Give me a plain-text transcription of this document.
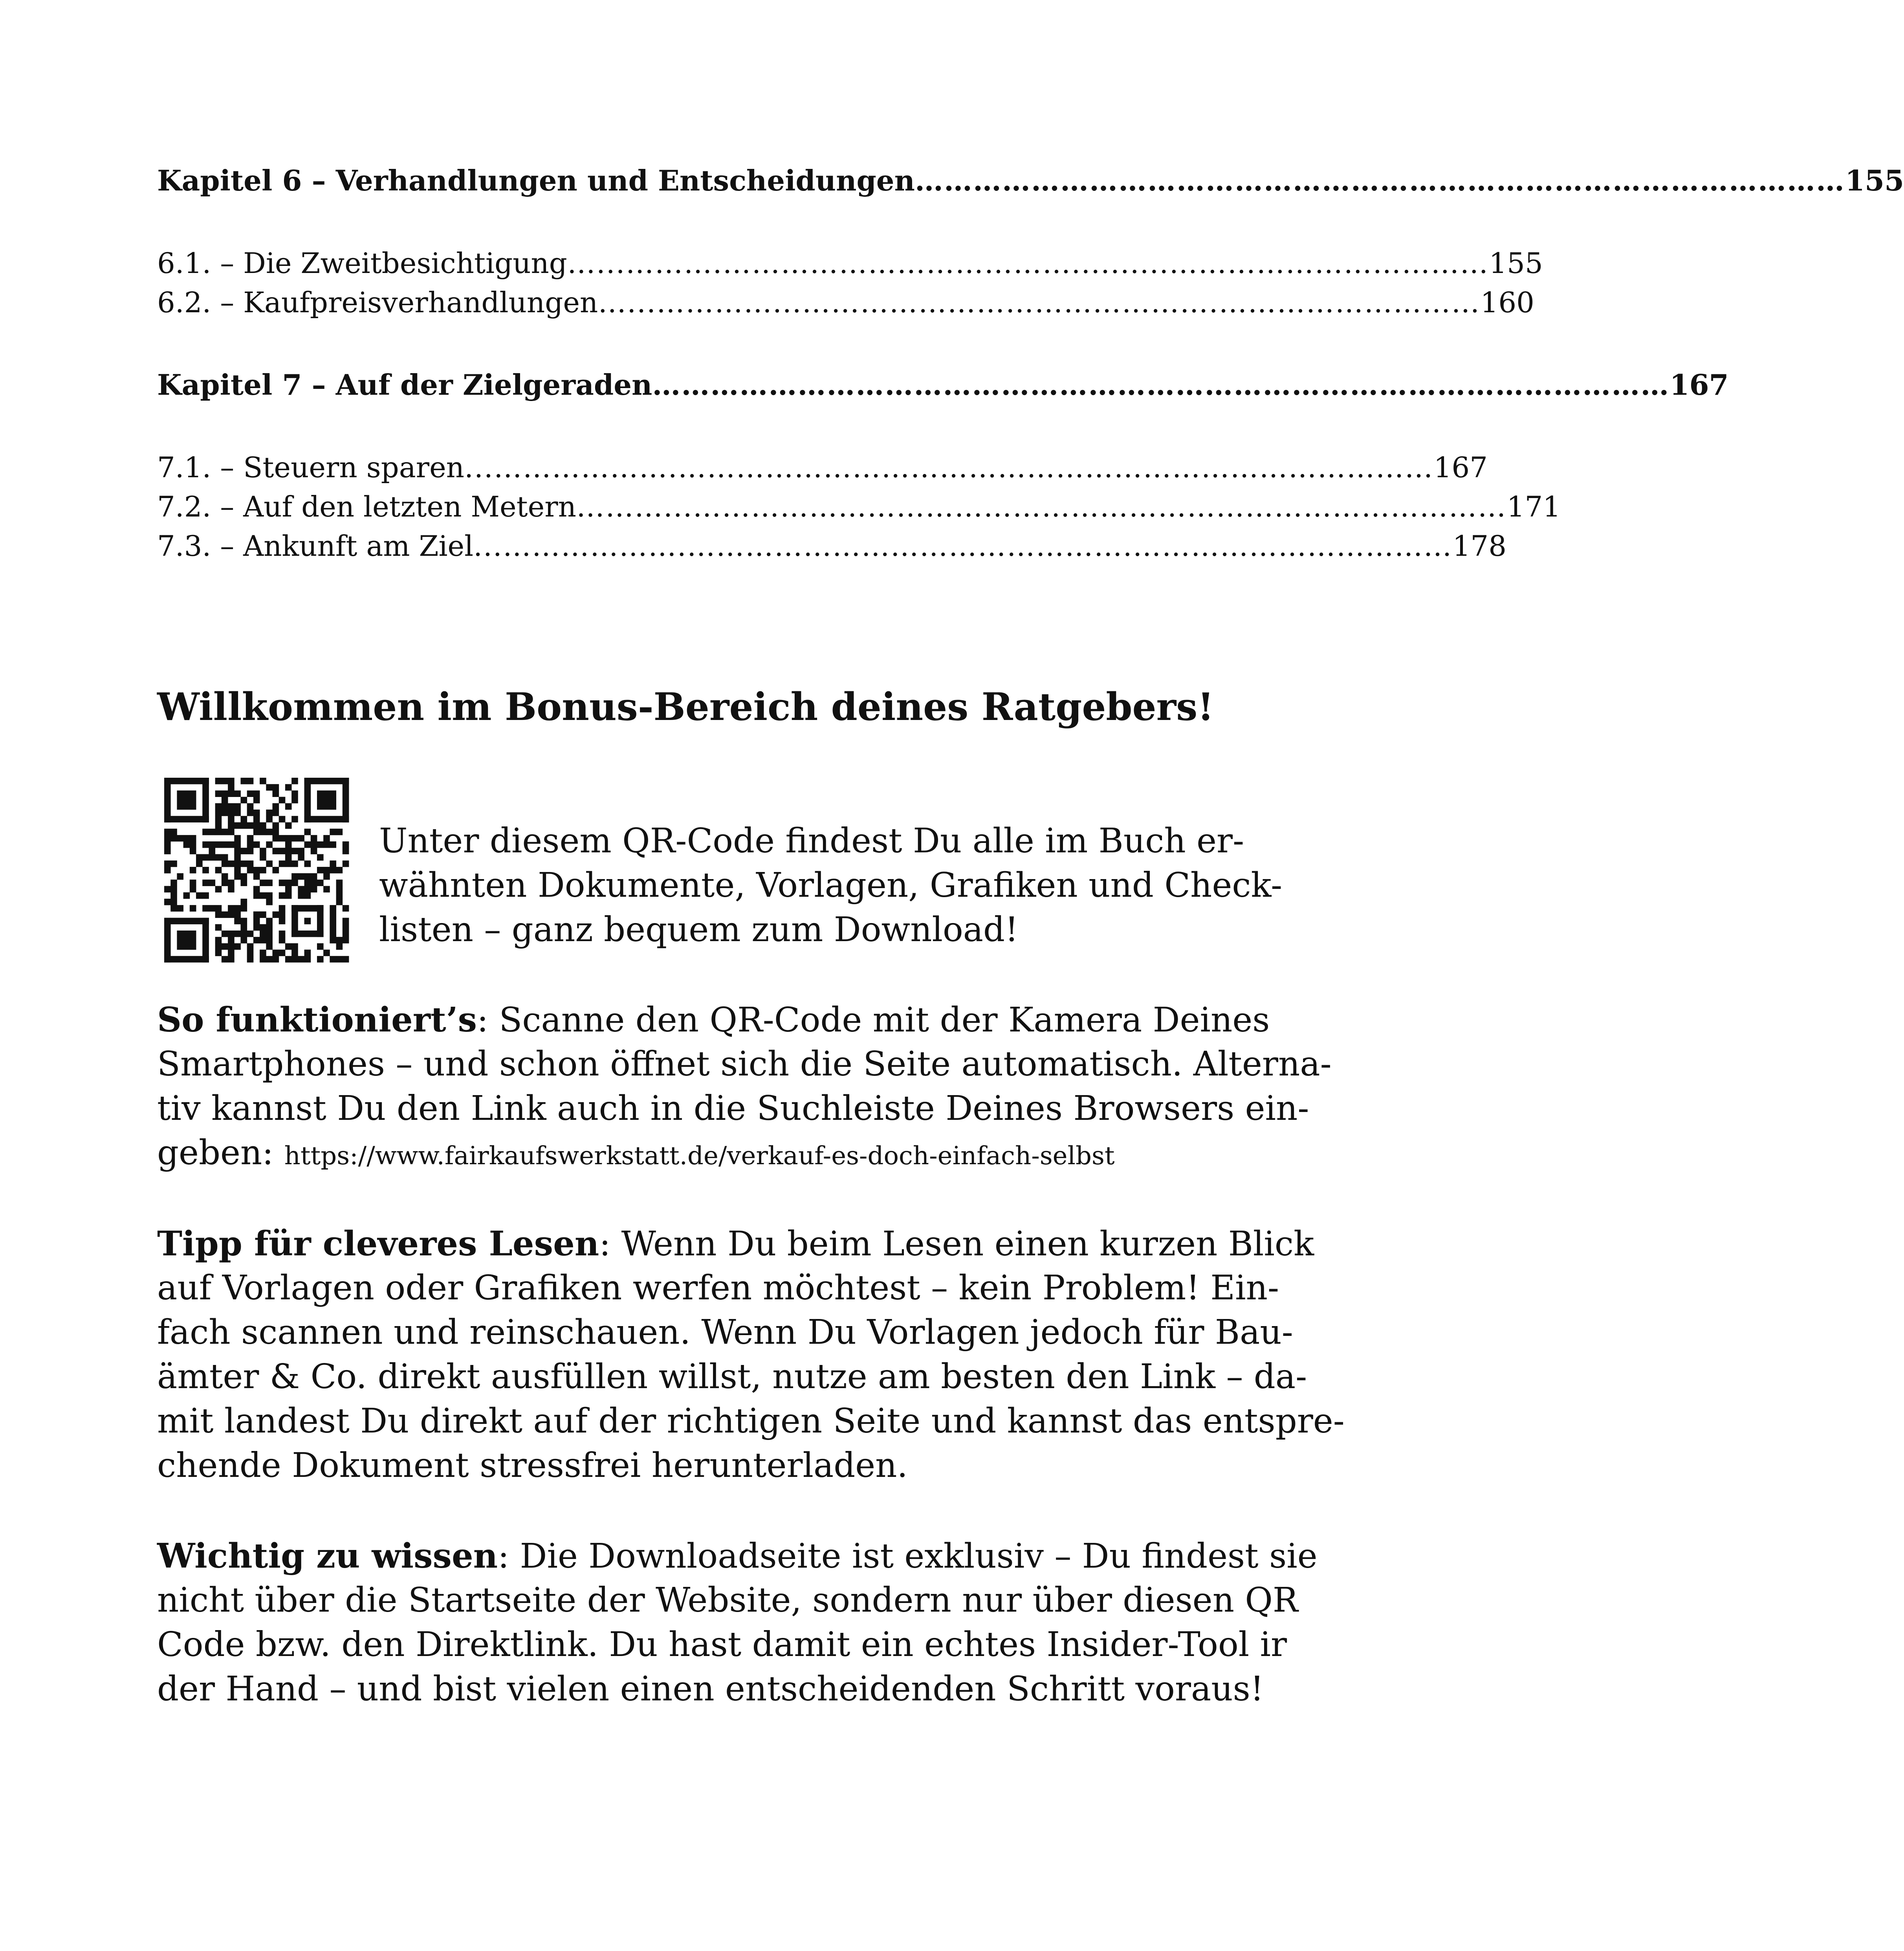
Kapitel 6 – Verhandlungen und Entscheidungen …………………………………………………………………………………… 155
6.1. – Die Zweitbesichtigung …...……….………………………………..........…………………………… 155
6.2. – Kaufpreisverhandlungen …...…………...…………………………………….……………………… 160
Kapitel 7 – Auf der Zielgeraden …………………………………………………………………………………………… 167
7.1. – Steuern sparen ...……………….…………………………………………………………………… 167
7.2. – Auf den letzten Metern ………...………………………………………………………………………… 171
7.3. – Ankunft am Ziel ...……………….……………………………………….…………………………… 178
Willkommen im Bonus-Bereich deines Ratgebers!
Unter diesem QR-Code findest Du alle im Buch er-
wähnten Dokumente, Vorlagen, Grafiken und Check-
listen – ganz bequem zum Download!
So funktioniert’s: Scanne den QR-Code mit der Kamera Deines
Smartphones – und schon öffnet sich die Seite automatisch. Alterna-
tiv kannst Du den Link auch in die Suchleiste Deines Browsers ein-
geben: https://www.fairkaufswerkstatt.de/verkauf-es-doch-einfach-selbst
Tipp für cleveres Lesen: Wenn Du beim Lesen einen kurzen Blick
auf Vorlagen oder Grafiken werfen möchtest – kein Problem! Ein-
fach scannen und reinschauen. Wenn Du Vorlagen jedoch für Bau-
ämter & Co. direkt ausfüllen willst, nutze am besten den Link – da-
mit landest Du direkt auf der richtigen Seite und kannst das entspre-
chende Dokument stressfrei herunterladen.
Wichtig zu wissen: Die Downloadseite ist exklusiv – Du findest sie
nicht über die Startseite der Website, sondern nur über diesen QR
Code bzw. den Direktlink. Du hast damit ein echtes Insider-Tool ir
der Hand – und bist vielen einen entscheidenden Schritt voraus!
